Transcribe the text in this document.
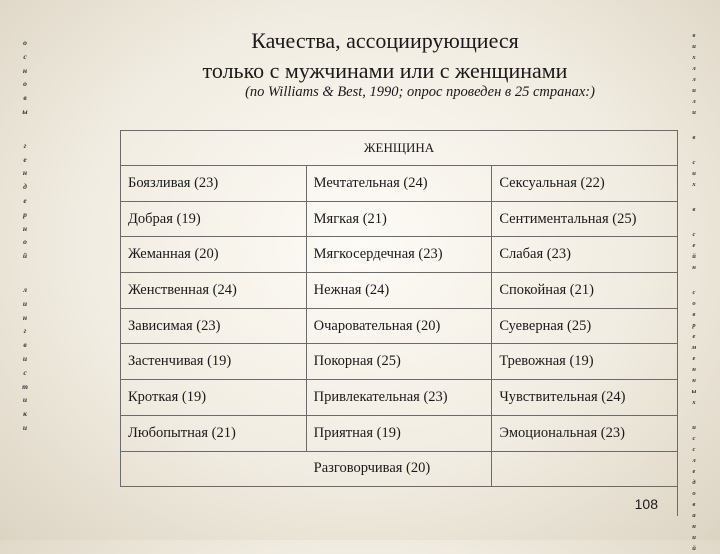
Качества, ассоциирующиеся
только с мужчинами или с женщинами
(по Williams & Best, 1990; опрос проведен в 25 странах:)
о
с
н
о
в
ы
г
е
н
д
е
р
н
о
й
л
и
н
г
в
и
с
т
и
к
и
в
и
х
л
л
и
л
и
в
с
и
х
в
с
е
й
н
с
о
в
р
е
м
е
н
н
ы
х
и
с
с
л
е
д
о
в
а
н
и
й
ЖЕНЩИНА		
Боязливая (23)	Мечтательная (24)	Сексуальная (22)
Добрая (19)	Мягкая (21)	Сентиментальная (25)
Жеманная (20)	Мягкосердечная (23)	Слабая (23)
Женственная (24)	Нежная (24)	Спокойная (21)
Зависимая (23)	Очаровательная (20)	Суеверная (25)
Застенчивая (19)	Покорная (25)	Тревожная (19)
Кроткая (19)	Привлекательная (23)	Чувствительная (24)
Любопытная (21)	Приятная (19)	Эмоциональная (23)
	Разговорчивая (20)	
108
